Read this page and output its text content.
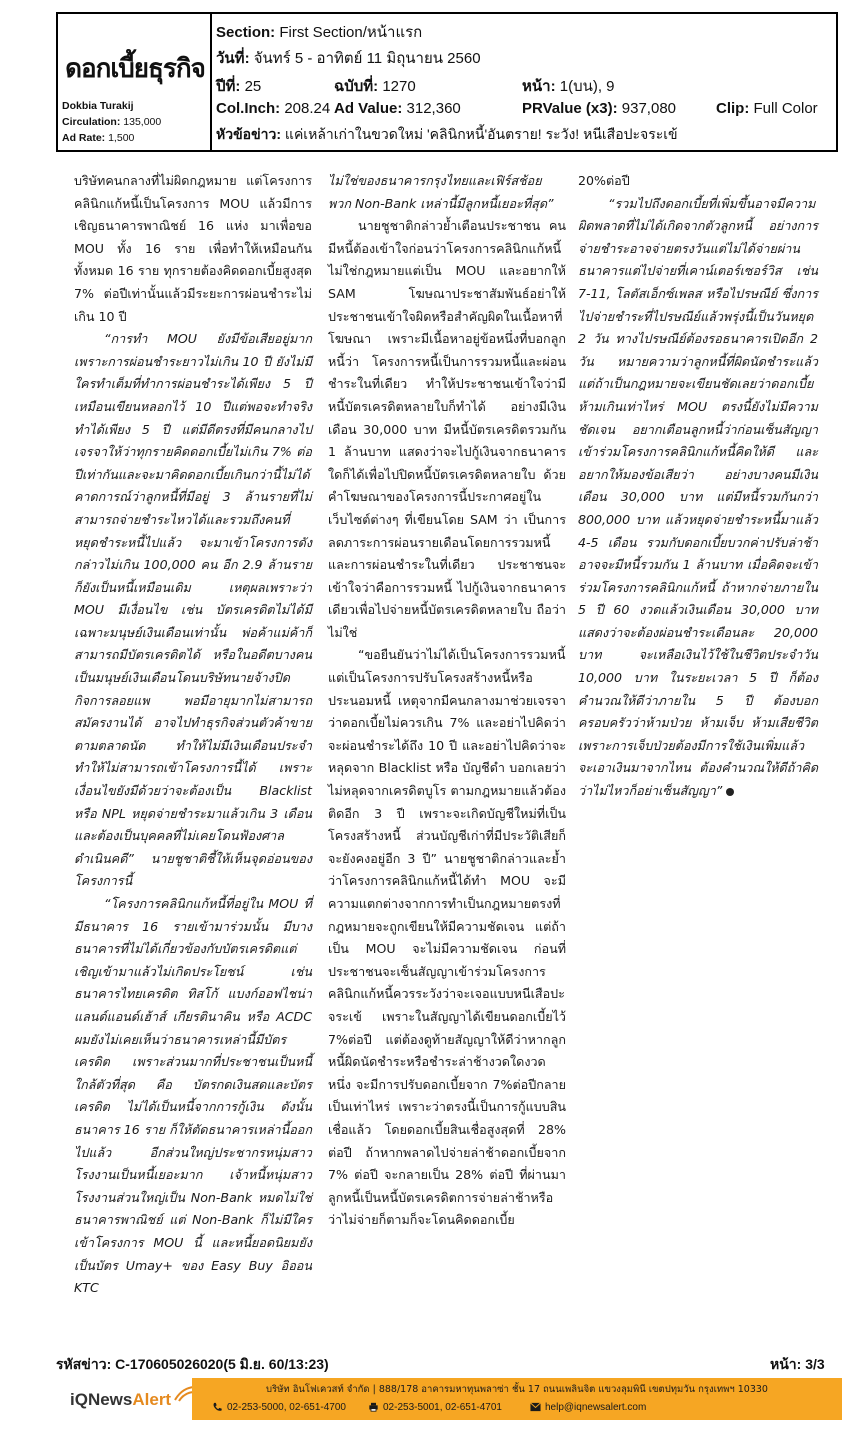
ดอกเบี้ยธุรกิจ
Dokbia Turakij
Circulation: 135,000
Ad Rate: 1,500
Section: First Section/หน้าแรก
วันที่: จันทร์ 5 - อาทิตย์ 11 มิถุนายน 2560
ปีที่: 25	ฉบับที่: 1270	หน้า: 1(บน), 9
Col.Inch: 208.24 Ad Value: 312,360	PRValue (x3): 937,080	Clip: Full Color
หัวข้อข่าว: แค่เหล้าเก่าในขวดใหม่ 'คลินิกหนี้'อันตราย! ระวัง! หนีเสือปะจระเข้

บริษัทคนกลางที่ไม่ผิดกฎหมาย แต่โครงการคลินิกแก้หนี้เป็นโครงการ MOU แล้วมีการเชิญธนาคารพาณิชย์ 16 แห่ง มาเพื่อขอ MOU ทั้ง 16 ราย เพื่อทำให้เหมือนกันทั้งหมด 16 ราย ทุกรายต้องคิดดอกเบี้ยสูงสุด 7% ต่อปีเท่านั้นแล้วมีระยะการผ่อนชำระไม่เกิน 10 ปี

“การทำ MOU ยังมีข้อเสียอยู่มาก เพราะการผ่อนชำระยาวไม่เกิน 10 ปี ยังไม่มีใครทำเต็มที่ทำการผ่อนชำระได้เพียง 5 ปี เหมือนเขียนหลอกไว้ 10 ปีแต่พอจะทำจริงทำได้เพียง 5 ปี แต่มีดีตรงที่มีคนกลางไปเจรจาให้ว่าทุกรายคิดดอกเบี้ยไม่เกิน 7% ต่อปีเท่ากันและจะมาคิดดอกเบี้ยเกินกว่านี้ไม่ได้ คาดการณ์ว่าลูกหนี้ที่มีอยู่ 3 ล้านรายที่ไม่สามารถจ่ายชำระไหวได้และรวมถึงคนที่หยุดชำระหนี้ไปแล้ว จะมาเข้าโครงการดังกล่าวไม่เกิน 100,000 คน อีก 2.9 ล้านราย ก็ยังเป็นหนี้เหมือนเดิม เหตุผลเพราะว่า MOU มีเงื่อนไข เช่น บัตรเครดิตไม่ได้มีเฉพาะมนุษย์เงินเดือนเท่านั้น พ่อค้าแม่ค้าก็สามารถมีบัตรเครดิตได้ หรือในอดีตบางคนเป็นมนุษย์เงินเดือนโดนบริษัทนายจ้างปิดกิจการลอยแพ พอมีอายุมากไม่สามารถสมัครงานได้ อาจไปทำธุรกิจส่วนตัวค้าขายตามตลาดนัด ทำให้ไม่มีเงินเดือนประจำทำให้ไม่สามารถเข้าโครงการนี้ได้ เพราะเงื่อนไขยังมีด้วยว่าจะต้องเป็น Blacklist หรือ NPL หยุดจ่ายชำระมาแล้วเกิน 3 เดือน และต้องเป็นบุคคลที่ไม่เคยโดนฟ้องศาลดำเนินคดี” นายชูชาติชี้ให้เห็นจุดอ่อนของโครงการนี้

“โครงการคลินิกแก้หนี้ที่อยู่ใน MOU ที่มีธนาคาร 16 รายเข้ามาร่วมนั้น มีบางธนาคารที่ไม่ได้เกี่ยวข้องกับบัตรเครดิตแต่เชิญเข้ามาแล้วไม่เกิดประโยชน์ เช่น ธนาคารไทยเครดิต ทิสโก้ แบงก์ออฟไชน่า แลนด์แอนด์เฮ้าส์ เกียรตินาคิน หรือ ACDC ผมยังไม่เคยเห็นว่าธนาคารเหล่านี้มีบัตรเครดิต เพราะส่วนมากที่ประชาชนเป็นหนี้ใกล้ตัวที่สุด คือ บัตรกดเงินสดและบัตรเครดิต ไม่ได้เป็นหนี้จากการกู้เงิน ดังนั้น ธนาคาร 16 ราย ก็ให้ตัดธนาคารเหล่านี้ออกไปแล้ว อีกส่วนใหญ่ประชากรหนุ่มสาวโรงงานเป็นหนี้เยอะมาก เจ้าหนี้หนุ่มสาวโรงงานส่วนใหญ่เป็น Non-Bank หมดไม่ใช่ธนาคารพาณิชย์ แต่ Non-Bank ก็ไม่มีใครเข้าโครงการ MOU นี้ และหนี้ยอดนิยมยังเป็นบัตร Umay+ ของ Easy Buy อิออน KTC

ไม่ใช่ของธนาคารกรุงไทยและเฟิร์สช้อย พวก Non-Bank เหล่านี้มีลูกหนี้เยอะที่สุด”

นายชูชาติกล่าวย้ำเตือนประชาชน คนมีหนี้ต้องเข้าใจก่อนว่าโครงการคลินิกแก้หนี้ไม่ใช่กฎหมายแต่เป็น MOU และอยากให้ SAM โฆษณาประชาสัมพันธ์อย่าให้ประชาชนเข้าใจผิดหรือสำคัญผิดในเนื้อหาที่โฆษณา เพราะมีเนื้อหาอยู่ข้อหนึ่งที่บอกลูกหนี้ว่า โครงการหนี้เป็นการรวมหนี้และผ่อนชำระในที่เดียว ทำให้ประชาชนเข้าใจว่ามีหนี้บัตรเครดิตหลายใบก็ทำได้ อย่างมีเงินเดือน 30,000 บาท มีหนี้บัตรเครดิตรวมกัน 1 ล้านบาท แสดงว่าจะไปกู้เงินจากธนาคารใดก็ได้เพื่อไปปิดหนี้บัตรเครดิตหลายใบ ด้วยคำโฆษณาของโครงการนี้ประกาศอยู่ในเว็บไซต์ต่างๆ ที่เขียนโดย SAM ว่า เป็นการลดภาระการผ่อนรายเดือนโดยการรวมหนี้และการผ่อนชำระในที่เดียว ประชาชนจะเข้าใจว่าคือการรวมหนี้ ไปกู้เงินจากธนาคารเดียวเพื่อไปจ่ายหนี้บัตรเครดิตหลายใบ ถือว่าไม่ใช่

“ขอยืนยันว่าไม่ได้เป็นโครงการรวมหนี้ แต่เป็นโครงการปรับโครงสร้างหนี้หรือประนอมหนี้ เหตุจากมีคนกลางมาช่วยเจรจาว่าดอกเบี้ยไม่ควรเกิน 7% และอย่าไปคิดว่าจะผ่อนชำระได้ถึง 10 ปี และอย่าไปคิดว่าจะหลุดจาก Blacklist หรือ บัญชีดำ บอกเลยว่าไม่หลุดจากเครดิตบูโร ตามกฎหมายแล้วต้องติดอีก 3 ปี เพราะจะเกิดบัญชีใหม่ที่เป็นโครงสร้างหนี้ ส่วนบัญชีเก่าที่มีประวัติเสียก็จะยังคงอยู่อีก 3 ปี” นายชูชาติกล่าวและย้ำว่าโครงการคลินิกแก้หนี้ได้ทำ MOU จะมีความแตกต่างจากการทำเป็นกฎหมายตรงที่ กฎหมายจะถูกเขียนให้มีความชัดเจน แต่ถ้าเป็น MOU จะไม่มีความชัดเจน ก่อนที่ประชาชนจะเซ็นสัญญาเข้าร่วมโครงการคลินิกแก้หนี้ควรระวังว่าจะเจอแบบหนีเสือปะจระเข้ เพราะในสัญญาได้เขียนดอกเบี้ยไว้ 7%ต่อปี แต่ต้องดูท้ายสัญญาให้ดีว่าหากลูกหนี้ผิดนัดชำระหรือชำระล่าช้างวดใดงวดหนึ่ง จะมีการปรับดอกเบี้ยจาก 7%ต่อปีกลายเป็นเท่าไหร่ เพราะว่าตรงนี้เป็นการกู้แบบสินเชื่อแล้ว โดยดอกเบี้ยสินเชื่อสูงสุดที่ 28% ต่อปี ถ้าหากพลาดไปจ่ายล่าช้าดอกเบี้ยจาก 7% ต่อปี จะกลายเป็น 28% ต่อปี ที่ผ่านมาลูกหนี้เป็นหนี้บัตรเครดิตการจ่ายล่าช้าหรือว่าไม่จ่ายก็ตามก็จะโดนคิดดอกเบี้ย

20%ต่อปี

“รวมไปถึงดอกเบี้ยที่เพิ่มขึ้นอาจมีความผิดพลาดที่ไม่ได้เกิดจากตัวลูกหนี้ อย่างการจ่ายชำระอาจจ่ายตรงวันแต่ไม่ได้จ่ายผ่านธนาคารแต่ไปจ่ายที่เคาน์เตอร์เซอร์วิส เช่น 7-11, โลตัสเอ็กซ์เพลส หรือไปรษณีย์ ซึ่งการไปจ่ายชำระที่ไปรษณีย์แล้วพรุ่งนี้เป็นวันหยุด 2 วัน ทางไปรษณีย์ต้องรอธนาคารเปิดอีก 2 วัน หมายความว่าลูกหนี้ที่ผิดนัดชำระแล้ว แต่ถ้าเป็นกฎหมายจะเขียนชัดเลยว่าดอกเบี้ยห้ามเกินเท่าไหร่ MOU ตรงนี้ยังไม่มีความชัดเจน อยากเตือนลูกหนี้ว่าก่อนเซ็นสัญญาเข้าร่วมโครงการคลินิกแก้หนี้คิดให้ดี และอยากให้มองข้อเสียว่า อย่างบางคนมีเงินเดือน 30,000 บาท แต่มีหนี้รวมกันกว่า 800,000 บาท แล้วหยุดจ่ายชำระหนี้มาแล้ว 4-5 เดือน รวมกับดอกเบี้ยบวกค่าปรับล่าช้า อาจจะมีหนี้รวมกัน 1 ล้านบาท เมื่อคิดจะเข้าร่วมโครงการคลินิกแก้หนี้ ถ้าหากจ่ายภายใน 5 ปี 60 งวดแล้วเงินเดือน 30,000 บาท แสดงว่าจะต้องผ่อนชำระเดือนละ 20,000 บาท จะเหลือเงินไว้ใช้ในชีวิตประจำวัน 10,000 บาท ในระยะเวลา 5 ปี ก็ต้องคำนวณให้ดีว่าภายใน 5 ปี ต้องบอกครอบครัวว่าห้ามป่วย ห้ามเจ็บ ห้ามเสียชีวิต เพราะการเจ็บป่วยต้องมีการใช้เงินเพิ่มแล้วจะเอาเงินมาจากไหน ต้องคำนวณให้ดีถ้าคิดว่าไม่ไหวก็อย่าเซ็นสัญญา”

รหัสข่าว: C-170605026020(5 มิ.ย. 60/13:23)	หน้า: 3/3
iQNewsAlert
บริษัท อินโฟเควสท์ จำกัด | 888/178 อาคารมหาทุนพลาซ่า ชั้น 17 ถนนเพลินจิต แขวงลุมพินี เขตปทุมวัน กรุงเทพฯ 10330
02-253-5000, 02-651-4700	02-253-5001, 02-651-4701	help@iqnewsalert.com
